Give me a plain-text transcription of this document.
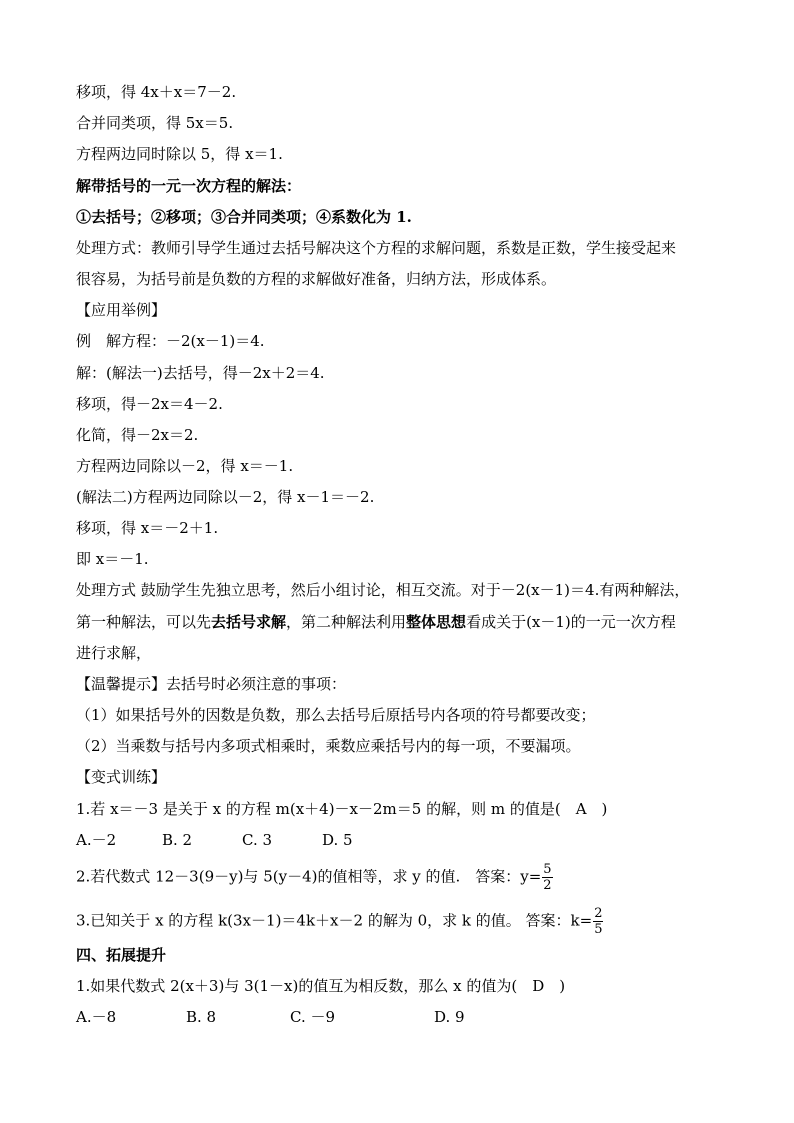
移项，得 4x＋x＝7－2.
合并同类项，得 5x＝5.
方程两边同时除以 5，得 x＝1.
解带括号的一元一次方程的解法：
①去括号；②移项；③合并同类项；④系数化为 1.
处理方式：教师引导学生通过去括号解决这个方程的求解问题，系数是正数，学生接受起来
很容易，为括号前是负数的方程的求解做好准备，归纳方法，形成体系。
【应用举例】
例　解方程：－2(x－1)＝4.
解：(解法一)去括号，得－2x＋2＝4.
移项，得－2x＝4－2.
化简，得－2x＝2.
方程两边同除以－2，得 x＝－1.
(解法二)方程两边同除以－2，得 x－1＝－2.
移项，得 x＝－2＋1.
即 x＝－1.
处理方式 鼓励学生先独立思考，然后小组讨论，相互交流。对于－2(x－1)＝4.有两种解法，
第一种解法，可以先去括号求解，第二种解法利用整体思想看成关于(x－1)的一元一次方程
进行求解，
【温馨提示】去括号时必须注意的事项：
（1）如果括号外的因数是负数，那么去括号后原括号内各项的符号都要改变；
（2）当乘数与括号内多项式相乘时，乘数应乘括号内的每一项，不要漏项。
【变式训练】
1.若 x＝－3 是关于 x 的方程 m(x＋4)－x－2m＝5 的解，则 m 的值是(　A　)
A.－2	B. 2	C. 3	D. 5
2.若代数式 12－3(9－y)与 5(y－4)的值相等，求 y 的值.　答案：$y= \frac{5}{2}$
3.已知关于 x 的方程 k(3x－1)＝4k＋x－2 的解为 0，求 k 的值。 答案：$k= \frac{2}{5}$
四、拓展提升
1.如果代数式 2(x＋3)与 3(1－x)的值互为相反数，那么 x 的值为(　D　)
A.－8	B. 8	C. －9	D. 9
